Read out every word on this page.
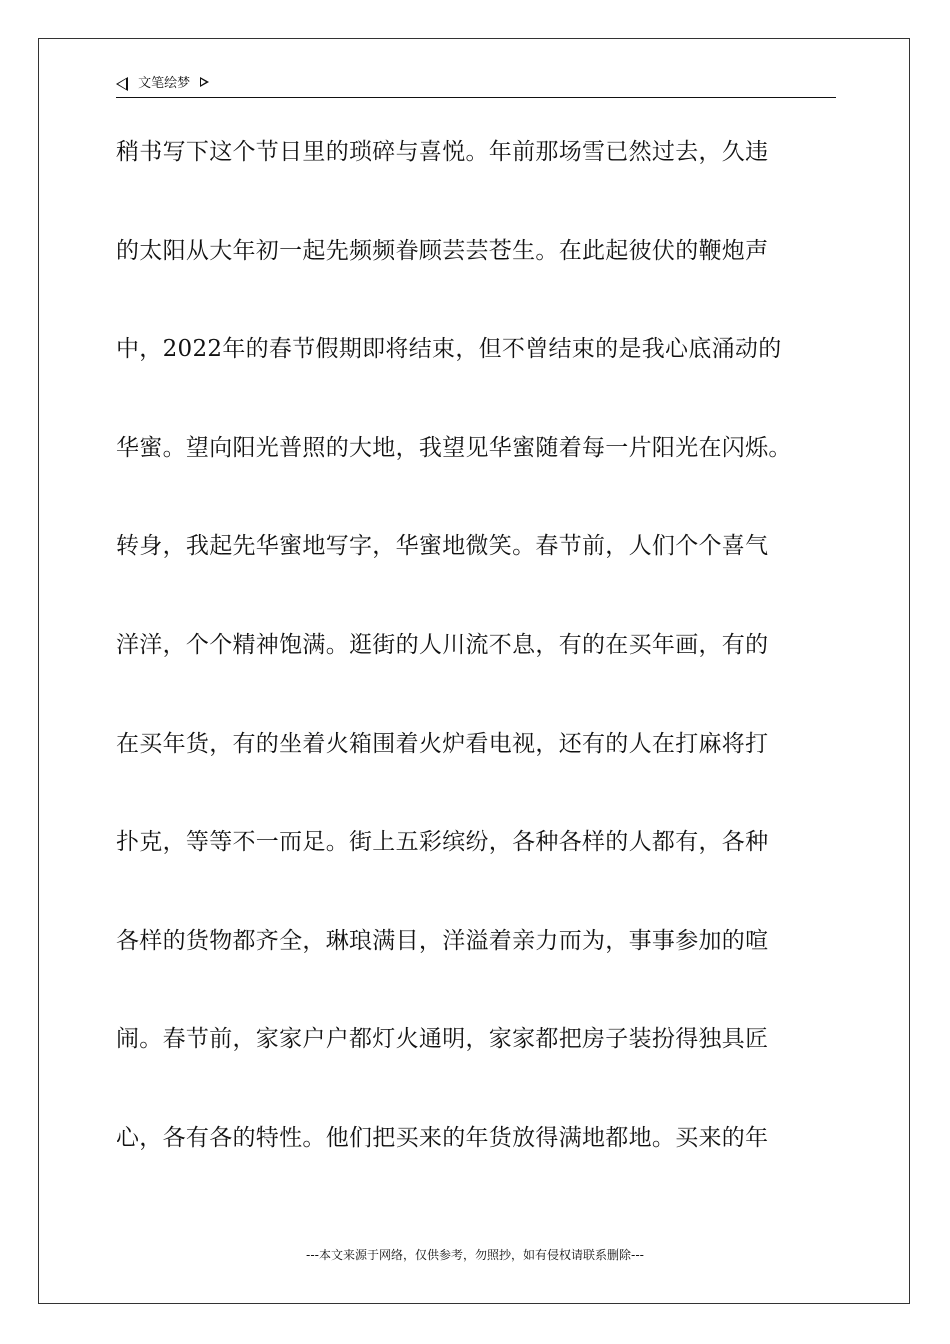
文笔绘梦
稍书写下这个节日里的琐碎与喜悦。年前那场雪已然过去，久违
的太阳从大年初一起先频频眷顾芸芸苍生。在此起彼伏的鞭炮声
中，2022年的春节假期即将结束，但不曾结束的是我心底涌动的
华蜜。望向阳光普照的大地，我望见华蜜随着每一片阳光在闪烁。
转身，我起先华蜜地写字，华蜜地微笑。春节前，人们个个喜气
洋洋，个个精神饱满。逛街的人川流不息，有的在买年画，有的
在买年货，有的坐着火箱围着火炉看电视，还有的人在打麻将打
扑克，等等不一而足。街上五彩缤纷，各种各样的人都有，各种
各样的货物都齐全，琳琅满目，洋溢着亲力而为，事事参加的喧
闹。春节前，家家户户都灯火通明，家家都把房子装扮得独具匠
心，各有各的特性。他们把买来的年货放得满地都地。买来的年
---本文来源于网络，仅供参考，勿照抄，如有侵权请联系删除---
